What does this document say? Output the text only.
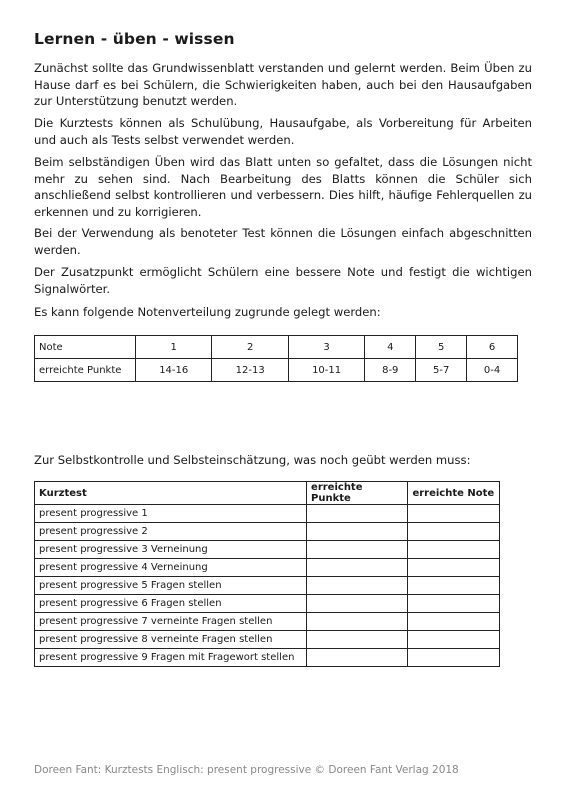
Lernen - üben - wissen

Zunächst sollte das Grundwissenblatt verstanden und gelernt werden. Beim Üben zu Hause darf es bei Schülern, die Schwierigkeiten haben, auch bei den Hausaufgaben zur Unterstützung benutzt werden.

Die Kurztests können als Schulübung, Hausaufgabe, als Vorbereitung für Arbeiten und auch als Tests selbst verwendet werden.

Beim selbständigen Üben wird das Blatt unten so gefaltet, dass die Lösungen nicht mehr zu sehen sind. Nach Bearbeitung des Blatts können die Schüler sich anschließend selbst kontrollieren und verbessern. Dies hilft, häufige Fehlerquellen zu erkennen und zu korrigieren.

Bei der Verwendung als benoteter Test können die Lösungen einfach abgeschnitten werden.

Der Zusatzpunkt ermöglicht Schülern eine bessere Note und festigt die wichtigen Signalwörter.

Es kann folgende Notenverteilung zugrunde gelegt werden:

Note	1	2	3	4	5	6
erreichte Punkte	14-16	12-13	10-11	8-9	5-7	0-4

Zur Selbstkontrolle und Selbsteinschätzung, was noch geübt werden muss:

Kurztest	erreichte Punkte	erreichte Note
present progressive 1		
present progressive 2		
present progressive 3 Verneinung		
present progressive 4 Verneinung		
present progressive 5 Fragen stellen		
present progressive 6 Fragen stellen		
present progressive 7 verneinte Fragen stellen		
present progressive 8 verneinte Fragen stellen		
present progressive 9 Fragen mit Fragewort stellen		
Doreen Fant: Kurztests Englisch: present progressive © Doreen Fant Verlag 2018
